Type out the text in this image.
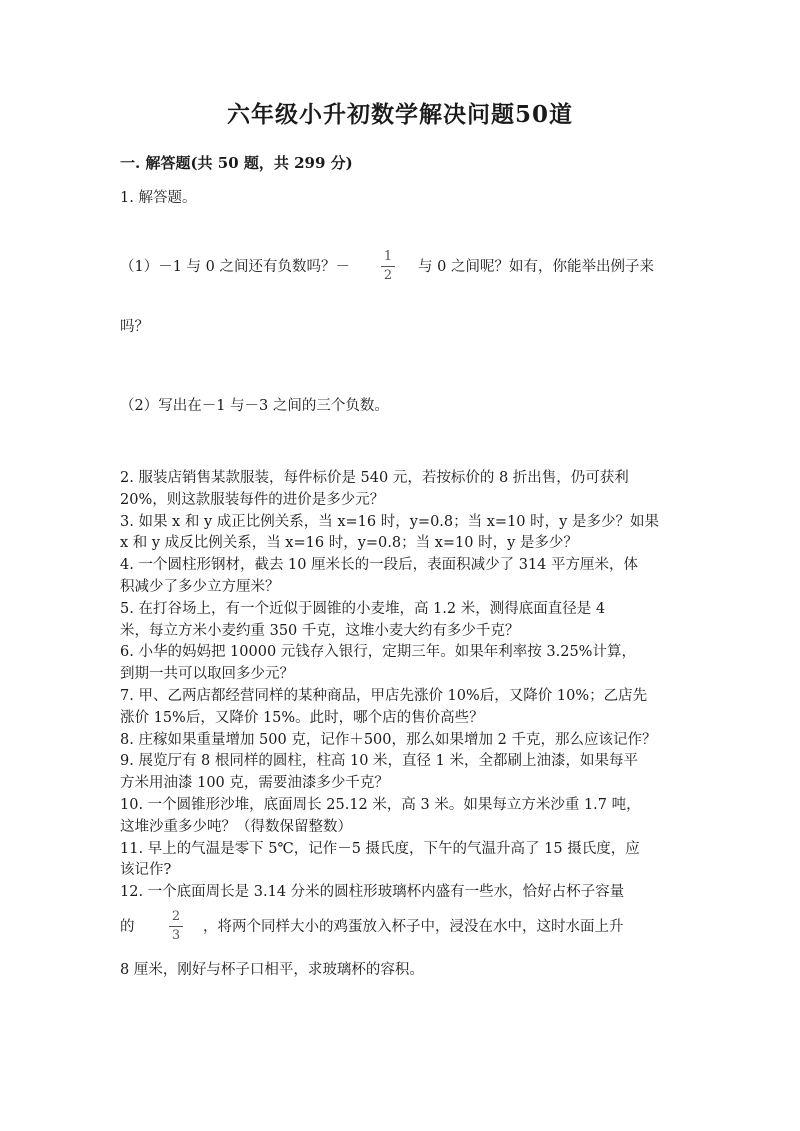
六年级小升初数学解决问题50道
一. 解答题(共 50 题，共 299 分)
1. 解答题。
（1）－1 与 0 之间还有负数吗？－
1
2
与 0 之间呢？如有，你能举出例子来
吗？
（2）写出在－1 与－3 之间的三个负数。
2. 服装店销售某款服装，每件标价是 540 元，若按标价的 8 折出售，仍可获利
20%，则这款服装每件的进价是多少元？
3. 如果 x 和 y 成正比例关系，当 x=16 时，y=0.8；当 x=10 时，y 是多少？如果
x 和 y 成反比例关系，当 x=16 时，y=0.8；当 x=10 时，y 是多少？
4. 一个圆柱形钢材，截去 10 厘米长的一段后，表面积减少了 314 平方厘米，体
积减少了多少立方厘米？
5. 在打谷场上，有一个近似于圆锥的小麦堆，高 1.2 米，测得底面直径是 4
米，每立方米小麦约重 350 千克，这堆小麦大约有多少千克？
6. 小华的妈妈把 10000 元钱存入银行，定期三年。如果年利率按 3.25%计算，
到期一共可以取回多少元？
7. 甲、乙两店都经营同样的某种商品，甲店先涨价 10%后，又降价 10%；乙店先
涨价 15%后，又降价 15%。此时，哪个店的售价高些？
8. 庄稼如果重量增加 500 克，记作＋500，那么如果增加 2 千克，那么应该记作？
9. 展览厅有 8 根同样的圆柱，柱高 10 米，直径 1 米，全都刷上油漆，如果每平
方米用油漆 100 克，需要油漆多少千克？
10. 一个圆锥形沙堆，底面周长 25.12 米，高 3 米。如果每立方米沙重 1.7 吨，
这堆沙重多少吨？（得数保留整数）
11. 早上的气温是零下 5℃，记作－5 摄氏度，下午的气温升高了 15 摄氏度，应
该记作?
12. 一个底面周长是 3.14 分米的圆柱形玻璃杯内盛有一些水，恰好占杯子容量
的
2
3
，将两个同样大小的鸡蛋放入杯子中，浸没在水中，这时水面上升
8 厘米，刚好与杯子口相平，求玻璃杯的容积。
